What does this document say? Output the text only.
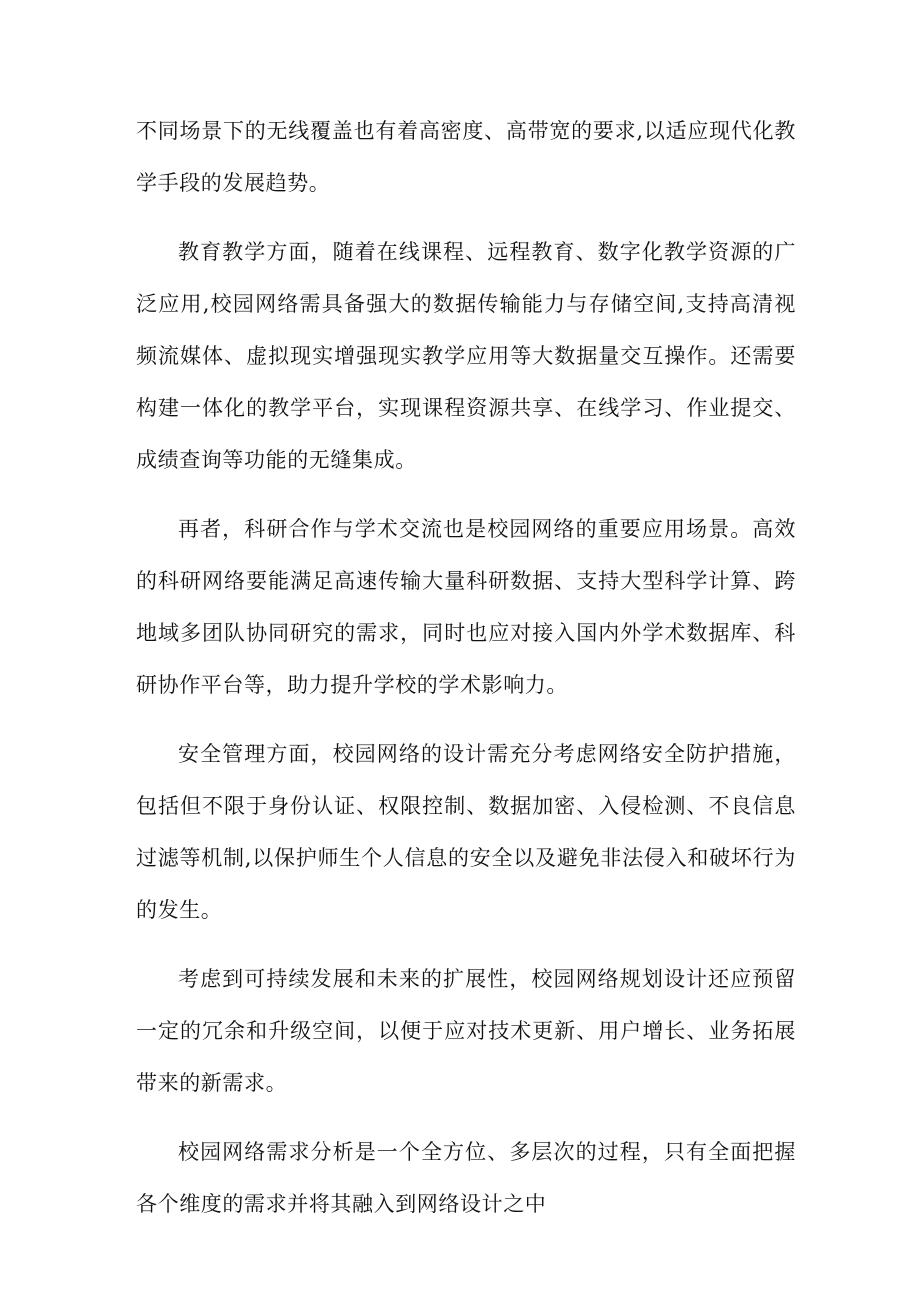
不同场景下的无线覆盖也有着高密度、高带宽的要求,以适应现代化教学手段的发展趋势。

教育教学方面，随着在线课程、远程教育、数字化教学资源的广泛应用,校园网络需具备强大的数据传输能力与存储空间,支持高清视频流媒体、虚拟现实增强现实教学应用等大数据量交互操作。还需要构建一体化的教学平台，实现课程资源共享、在线学习、作业提交、成绩查询等功能的无缝集成。

再者，科研合作与学术交流也是校园网络的重要应用场景。高效的科研网络要能满足高速传输大量科研数据、支持大型科学计算、跨地域多团队协同研究的需求，同时也应对接入国内外学术数据库、科研协作平台等，助力提升学校的学术影响力。

安全管理方面，校园网络的设计需充分考虑网络安全防护措施，包括但不限于身份认证、权限控制、数据加密、入侵检测、不良信息过滤等机制,以保护师生个人信息的安全以及避免非法侵入和破坏行为的发生。

考虑到可持续发展和未来的扩展性，校园网络规划设计还应预留一定的冗余和升级空间，以便于应对技术更新、用户增长、业务拓展带来的新需求。

校园网络需求分析是一个全方位、多层次的过程，只有全面把握各个维度的需求并将其融入到网络设计之中
